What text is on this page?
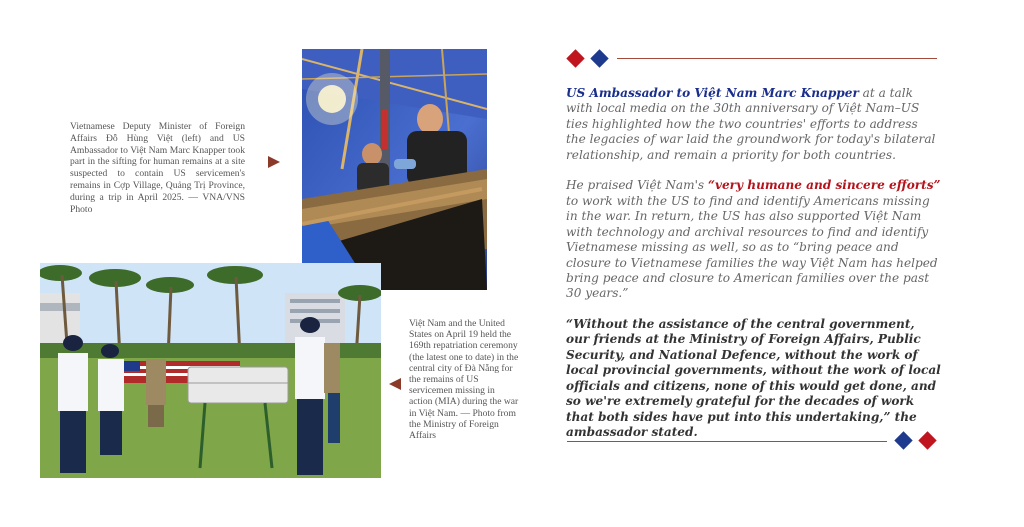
Vietnamese Deputy Minister of Foreign Affairs Đỗ Hùng Việt (left) and US Ambassador to Việt Nam Marc Knapper took part in the sifting for human remains at a site suspected to contain US servicemen's remains in Cợp Village, Quảng Trị Province, during a trip in April 2025. — VNA/VNS Photo
Việt Nam and the United States on April 19 held the 169th repatriation ceremony (the latest one to date) in the central city of Đà Nẵng for the remains of US servicemen missing in action (MIA) during the war in Việt Nam. — Photo from the Ministry of Foreign Affairs

US Ambassador to Việt Nam Marc Knapper at a talk with local media on the 30th anniversary of Việt Nam–US ties highlighted how the two countries' efforts to address the legacies of war laid the groundwork for today's bilateral relationship, and remain a priority for both countries.

He praised Việt Nam's “very humane and sincere efforts” to work with the US to find and identify Americans missing in the war. In return, the US has also supported Việt Nam with technology and archival resources to find and identify Vietnamese missing as well, so as to “bring peace and closure to Vietnamese families the way Việt Nam has helped bring peace and closure to American families over the past 30 years.”

“Without the assistance of the central government, our friends at the Ministry of Foreign Affairs, Public Security, and National Defence, without the work of local provincial governments, without the work of local officials and citizens, none of this would get done, and so we're extremely grateful for the decades of work that both sides have put into this undertaking,” the ambassador stated.
